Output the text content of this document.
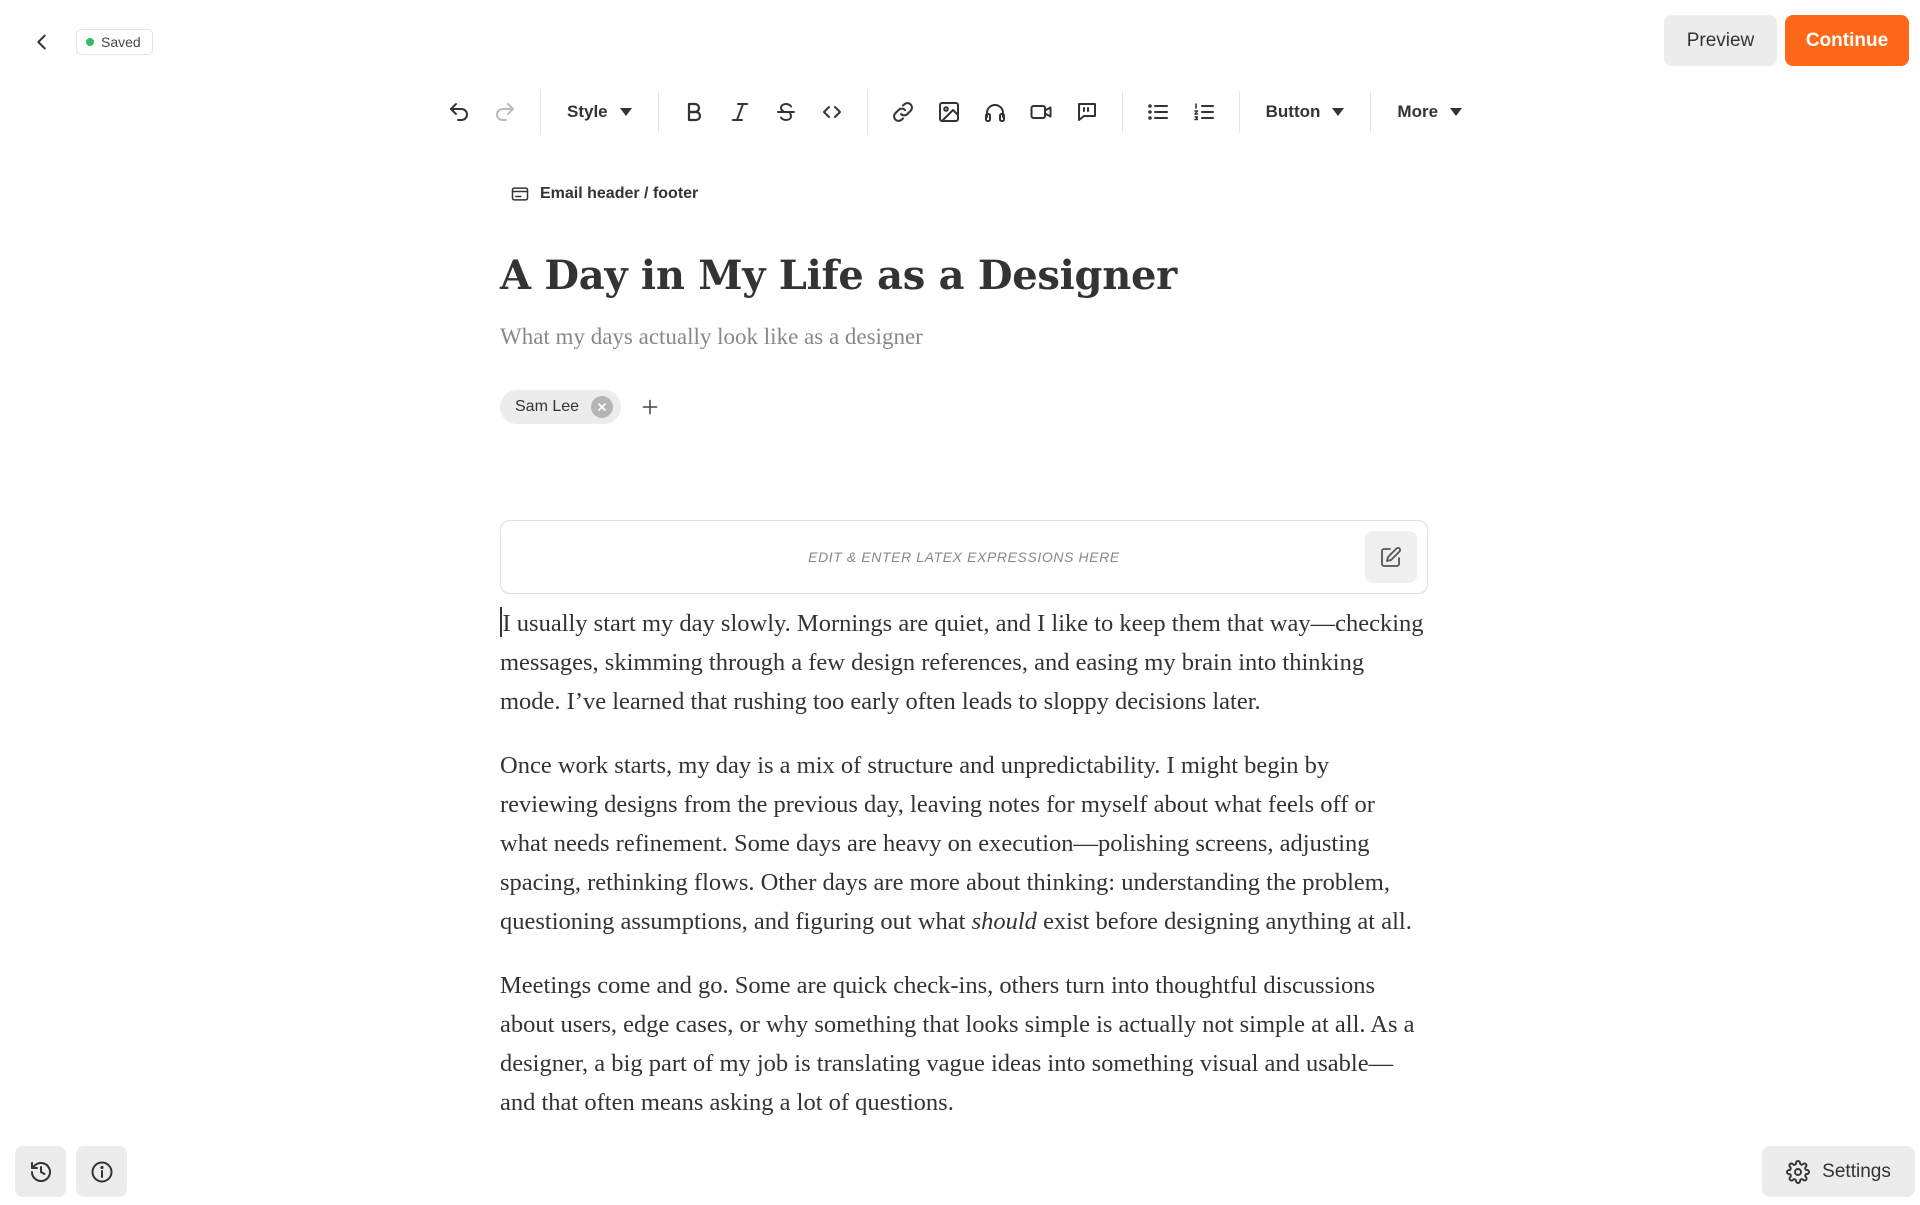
Saved	Preview	Continue
Style	Button	More
Email header / footer
A Day in My Life as a Designer
What my days actually look like as a designer
Sam Lee
EDIT & ENTER LATEX EXPRESSIONS HERE

I usually start my day slowly. Mornings are quiet, and I like to keep them that way—checking messages, skimming through a few design references, and easing my brain into thinking mode. I’ve learned that rushing too early often leads to sloppy decisions later.

Once work starts, my day is a mix of structure and unpredictability. I might begin by reviewing designs from the previous day, leaving notes for myself about what feels off or what needs refinement. Some days are heavy on execution—polishing screens, adjusting spacing, rethinking flows. Other days are more about thinking: understanding the problem, questioning assumptions, and figuring out what should exist before designing anything at all.

Meetings come and go. Some are quick check-ins, others turn into thoughtful discussions about users, edge cases, or why something that looks simple is actually not simple at all. As a designer, a big part of my job is translating vague ideas into something visual and usable—and that often means asking a lot of questions.

Settings
